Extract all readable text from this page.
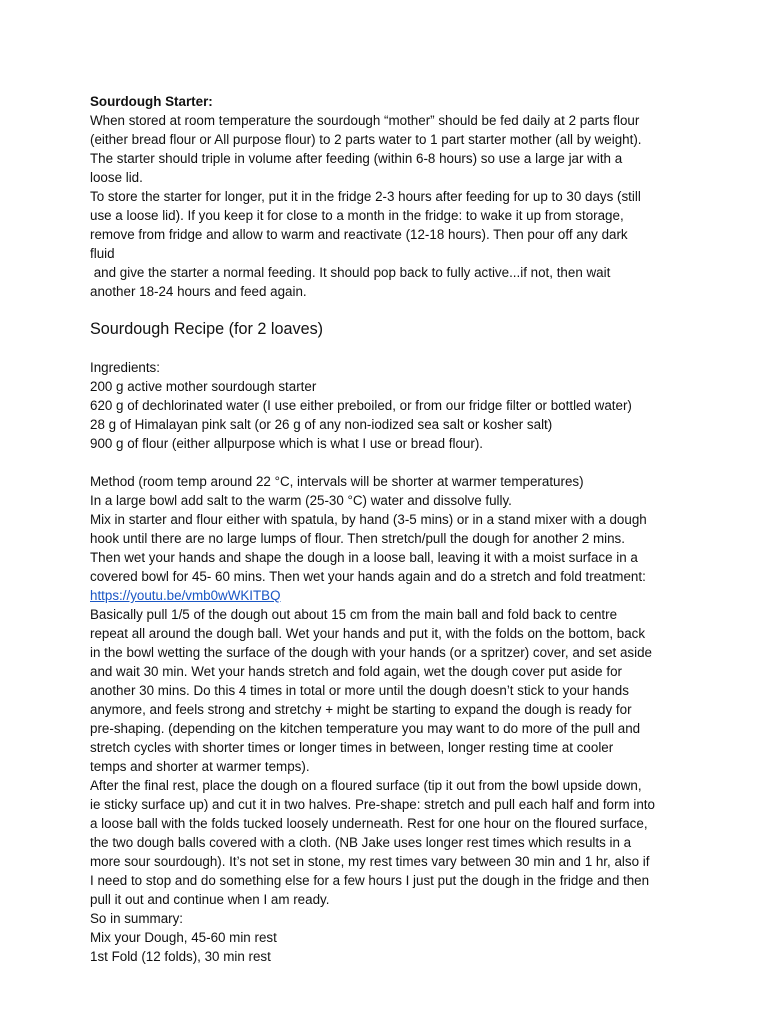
Sourdough Starter:
When stored at room temperature the sourdough “mother” should be fed daily at 2 parts flour
(either bread flour or All purpose flour) to 2 parts water to 1 part starter mother (all by weight).
The starter should triple in volume after feeding (within 6-8 hours) so use a large jar with a
loose lid.
To store the starter for longer, put it in the fridge 2-3 hours after feeding for up to 30 days (still
use a loose lid). If you keep it for close to a month in the fridge: to wake it up from storage,
remove from fridge and allow to warm and reactivate (12-18 hours). Then pour off any dark
fluid
and give the starter a normal feeding. It should pop back to fully active...if not, then wait
another 18-24 hours and feed again.
Sourdough Recipe (for 2 loaves)
Ingredients:
200 g active mother sourdough starter
620 g of dechlorinated water (I use either preboiled, or from our fridge filter or bottled water)
28 g of Himalayan pink salt (or 26 g of any non-iodized sea salt or kosher salt)
900 g of flour (either allpurpose which is what I use or bread flour).
Method (room temp around 22 °C, intervals will be shorter at warmer temperatures)
In a large bowl add salt to the warm (25-30 °C) water and dissolve fully.
Mix in starter and flour either with spatula, by hand (3-5 mins) or in a stand mixer with a dough
hook until there are no large lumps of flour. Then stretch/pull the dough for another 2 mins.
Then wet your hands and shape the dough in a loose ball, leaving it with a moist surface in a
covered bowl for 45- 60 mins. Then wet your hands again and do a stretch and fold treatment:
https://youtu.be/vmb0wWKITBQ
Basically pull 1/5 of the dough out about 15 cm from the main ball and fold back to centre
repeat all around the dough ball. Wet your hands and put it, with the folds on the bottom, back
in the bowl wetting the surface of the dough with your hands (or a spritzer) cover, and set aside
and wait 30 min. Wet your hands stretch and fold again, wet the dough cover put aside for
another 30 mins. Do this 4 times in total or more until the dough doesn’t stick to your hands
anymore, and feels strong and stretchy + might be starting to expand the dough is ready for
pre-shaping. (depending on the kitchen temperature you may want to do more of the pull and
stretch cycles with shorter times or longer times in between, longer resting time at cooler
temps and shorter at warmer temps).
After the final rest, place the dough on a floured surface (tip it out from the bowl upside down,
ie sticky surface up) and cut it in two halves. Pre-shape: stretch and pull each half and form into
a loose ball with the folds tucked loosely underneath. Rest for one hour on the floured surface,
the two dough balls covered with a cloth. (NB Jake uses longer rest times which results in a
more sour sourdough). It’s not set in stone, my rest times vary between 30 min and 1 hr, also if
I need to stop and do something else for a few hours I just put the dough in the fridge and then
pull it out and continue when I am ready.
So in summary:
Mix your Dough, 45-60 min rest
1st Fold (12 folds), 30 min rest
